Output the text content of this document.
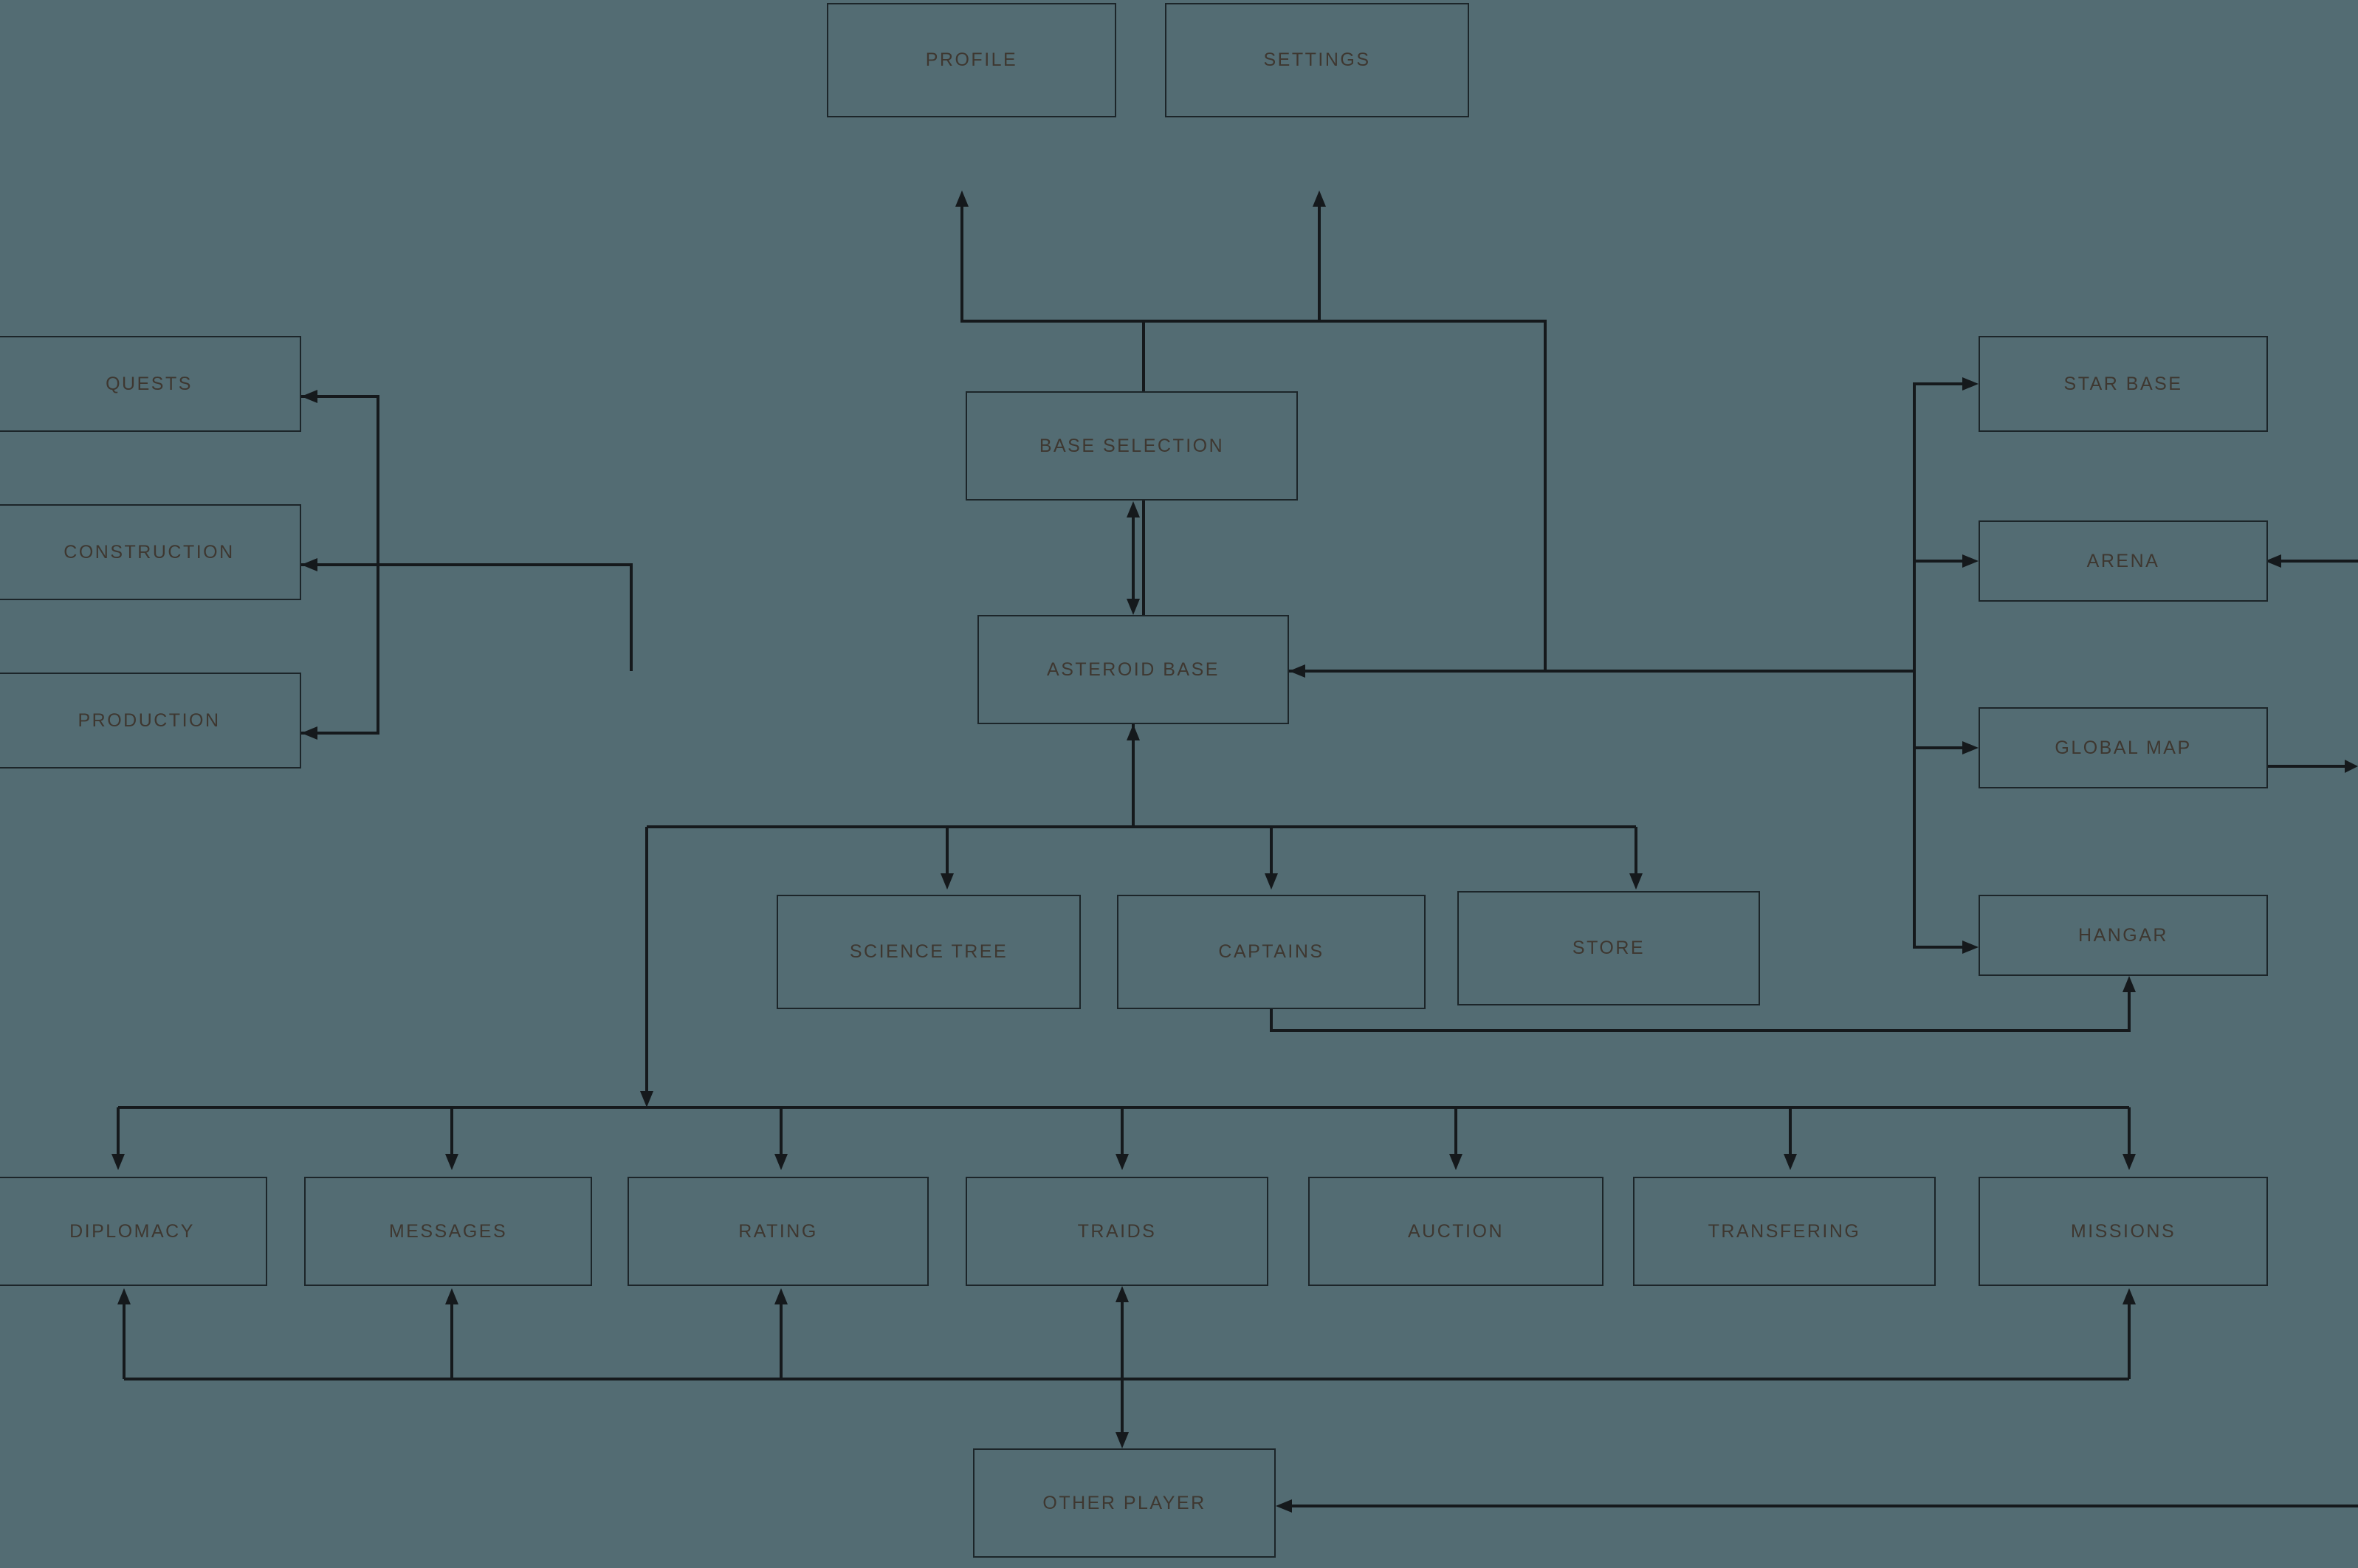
PROFILE	SETTINGS
QUESTS
CONSTRUCTION
PRODUCTION
BASE SELECTION
ASTEROID BASE
STAR BASE
ARENA
GLOBAL MAP
HANGAR
SCIENCE TREE	CAPTAINS	STORE
DIPLOMACY	MESSAGES	RATING	TRAIDS	AUCTION	TRANSFERING	MISSIONS
OTHER PLAYER
